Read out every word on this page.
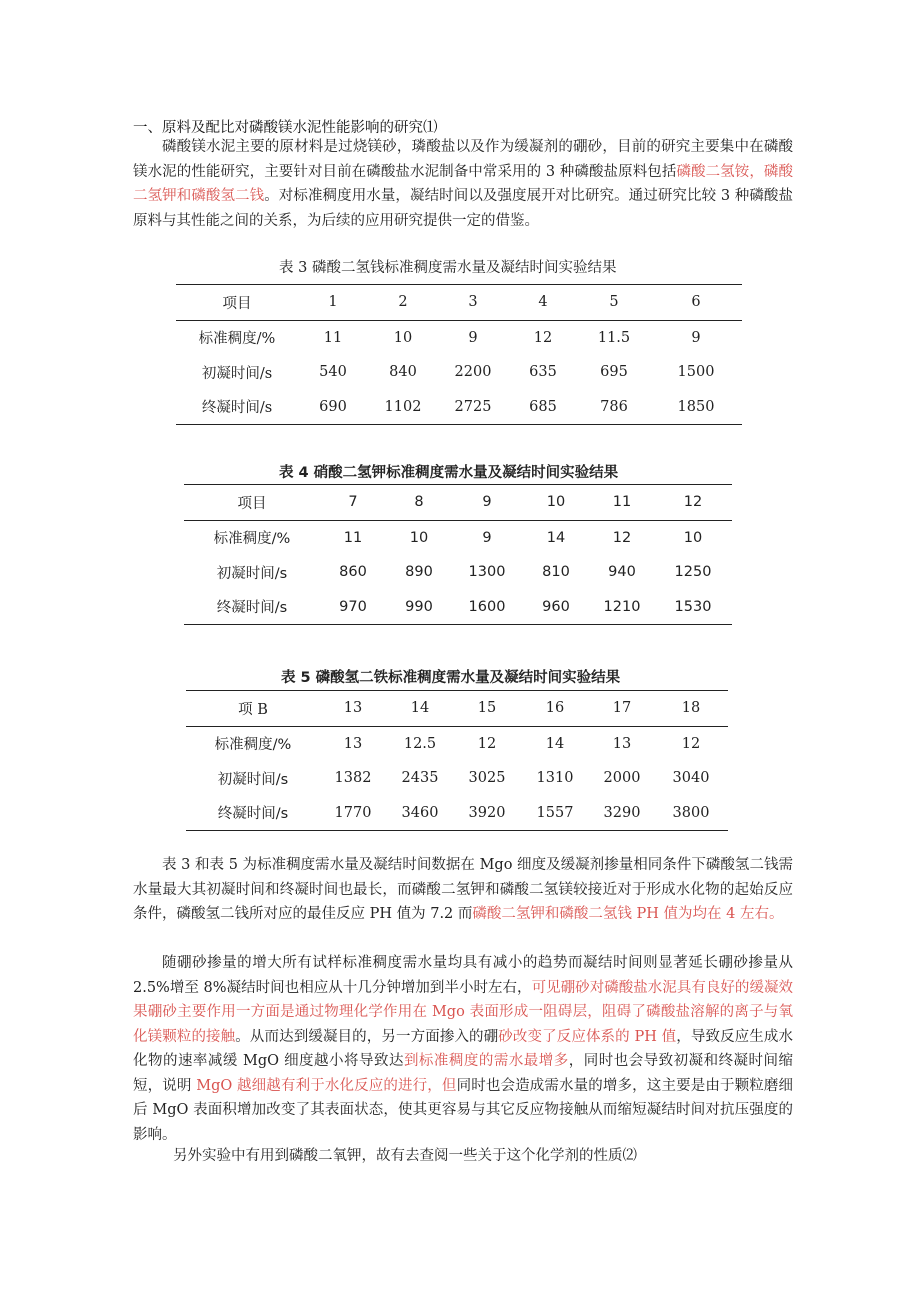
一、原料及配比对磷酸镁水泥性能影响的研究⑴
磷酸镁水泥主要的原材料是过烧镁砂，璘酸盐以及作为缓凝剂的硼砂，目前的研究主要集中在磷酸镁水泥的性能研究，主要针对目前在磷酸盐水泥制备中常采用的 3 种磷酸盐原料包括磷酸二氢铵，磷酸二氢钾和磷酸氢二钱。对标准稠度用水量，凝结时间以及强度展开对比研究。通过研究比较 3 种磷酸盐原料与其性能之间的关系，为后续的应用研究提供一定的借鉴。
表 3 磷酸二氢钱标准稠度需水量及凝结时间实验结果
项目	1	2	3	4	5	6
标准稠度/%	11	10	9	12	11.5	9
初凝时间/s	540	840	2200	635	695	1500
终凝时间/s	690	1102	2725	685	786	1850
表 4 硝酸二氢钾标准稠度需水量及凝结时间实验结果
项目	7	8	9	10	11	12
标准稠度/%	11	10	9	14	12	10
初凝时间/s	860	890	1300	810	940	1250
终凝时间/s	970	990	1600	960	1210	1530
表 5 磷酸氢二铁标准稠度需水量及凝结时间实验结果
项 B	13	14	15	16	17	18
标准稠度/%	13	12.5	12	14	13	12
初凝时间/s	1382	2435	3025	1310	2000	3040
终凝时间/s	1770	3460	3920	1557	3290	3800
表 3 和表 5 为标准稠度需水量及凝结时间数据在 Mgo 细度及缓凝剂掺量相同条件下磷酸氢二钱需水量最大其初凝时间和终凝时间也最长，而磷酸二氢钾和磷酸二氢镁较接近对于形成水化物的起始反应条件，磷酸氢二钱所对应的最佳反应 PH 值为 7.2 而磷酸二氢钾和磷酸二氢钱 PH 值为均在 4 左右。
随硼砂掺量的增大所有试样标准稠度需水量均具有减小的趋势而凝结时间则显著延长硼砂掺量从 2.5%增至 8%凝结时间也相应从十几分钟增加到半小时左右，可见硼砂对磷酸盐水泥具有良好的缓凝效果硼砂主要作用一方面是通过物理化学作用在 Mgo 表面形成一阻碍层，阻碍了磷酸盐溶解的离子与氧化镁颗粒的接触。从而达到缓凝目的，另一方面掺入的硼砂改变了反应体系的 PH 值，导致反应生成水化物的速率减缓 MgO 细度越小将导致达到标准稠度的需水最增多，同时也会导致初凝和终凝时间缩短，说明 MgO 越细越有利于水化反应的进行，但同时也会造成需水量的增多，这主要是由于颗粒磨细后 MgO 表面积增加改变了其表面状态，使其更容易与其它反应物接触从而缩短凝结时间对抗压强度的影响。
另外实验中有用到磷酸二氧钾，故有去查阅一些关于这个化学剂的性质⑵
